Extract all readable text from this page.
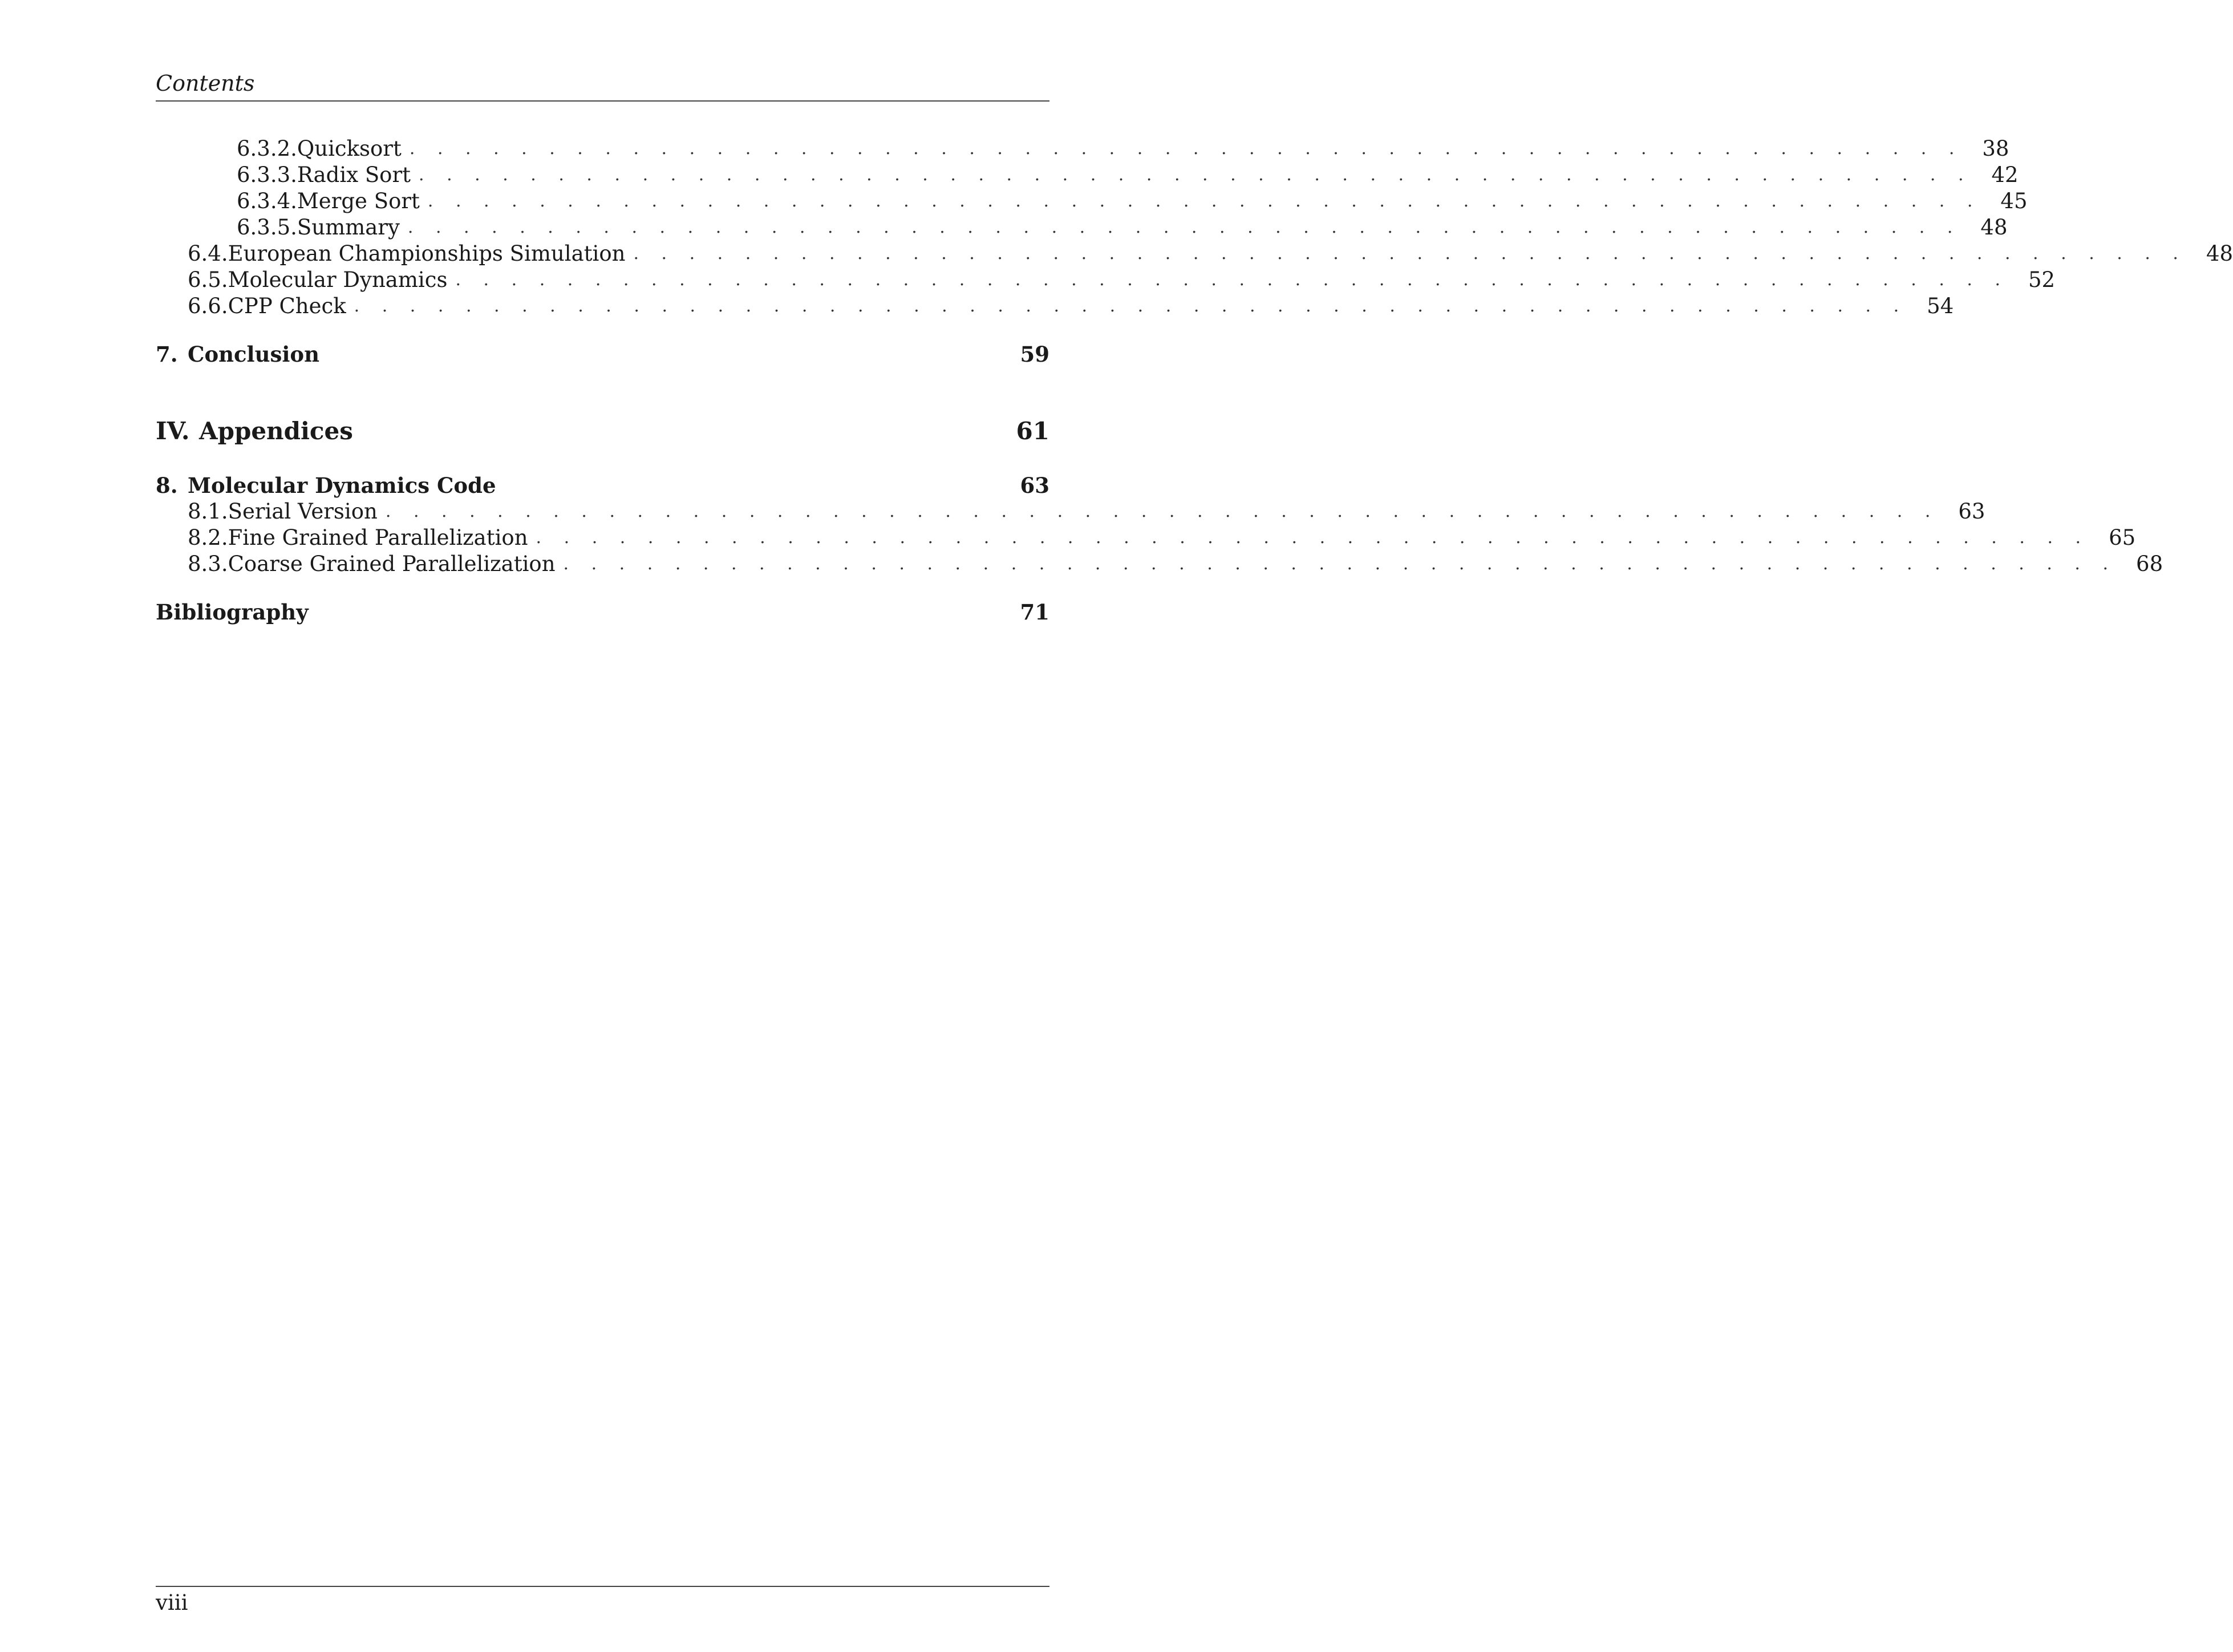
Contents
6.3.2. Quicksort . . . . . . . . . . . . . . . . . . . . . . . . . . . . . . . . . . . . . . . . . . . . . . . . . . . . . . . . 38
6.3.3. Radix Sort . . . . . . . . . . . . . . . . . . . . . . . . . . . . . . . . . . . . . . . . . . . . . . . . . . . . . . . . 42
6.3.4. Merge Sort . . . . . . . . . . . . . . . . . . . . . . . . . . . . . . . . . . . . . . . . . . . . . . . . . . . . . . . . 45
6.3.5. Summary . . . . . . . . . . . . . . . . . . . . . . . . . . . . . . . . . . . . . . . . . . . . . . . . . . . . . . . . 48
6.4. European Championships Simulation . . . . . . . . . . . . . . . . . . . . . . . . . . . . . . . . . . . . . . . . . . . . . . . . . . . . . . . . 48
6.5. Molecular Dynamics . . . . . . . . . . . . . . . . . . . . . . . . . . . . . . . . . . . . . . . . . . . . . . . . . . . . . . . . 52
6.6. CPP Check . . . . . . . . . . . . . . . . . . . . . . . . . . . . . . . . . . . . . . . . . . . . . . . . . . . . . . . . 54
7. Conclusion	59
IV. Appendices	61
8. Molecular Dynamics Code	63
8.1. Serial Version . . . . . . . . . . . . . . . . . . . . . . . . . . . . . . . . . . . . . . . . . . . . . . . . . . . . . . . . 63
8.2. Fine Grained Parallelization . . . . . . . . . . . . . . . . . . . . . . . . . . . . . . . . . . . . . . . . . . . . . . . . . . . . . . . . 65
8.3. Coarse Grained Parallelization . . . . . . . . . . . . . . . . . . . . . . . . . . . . . . . . . . . . . . . . . . . . . . . . . . . . . . . . 68
Bibliography	71
viii
